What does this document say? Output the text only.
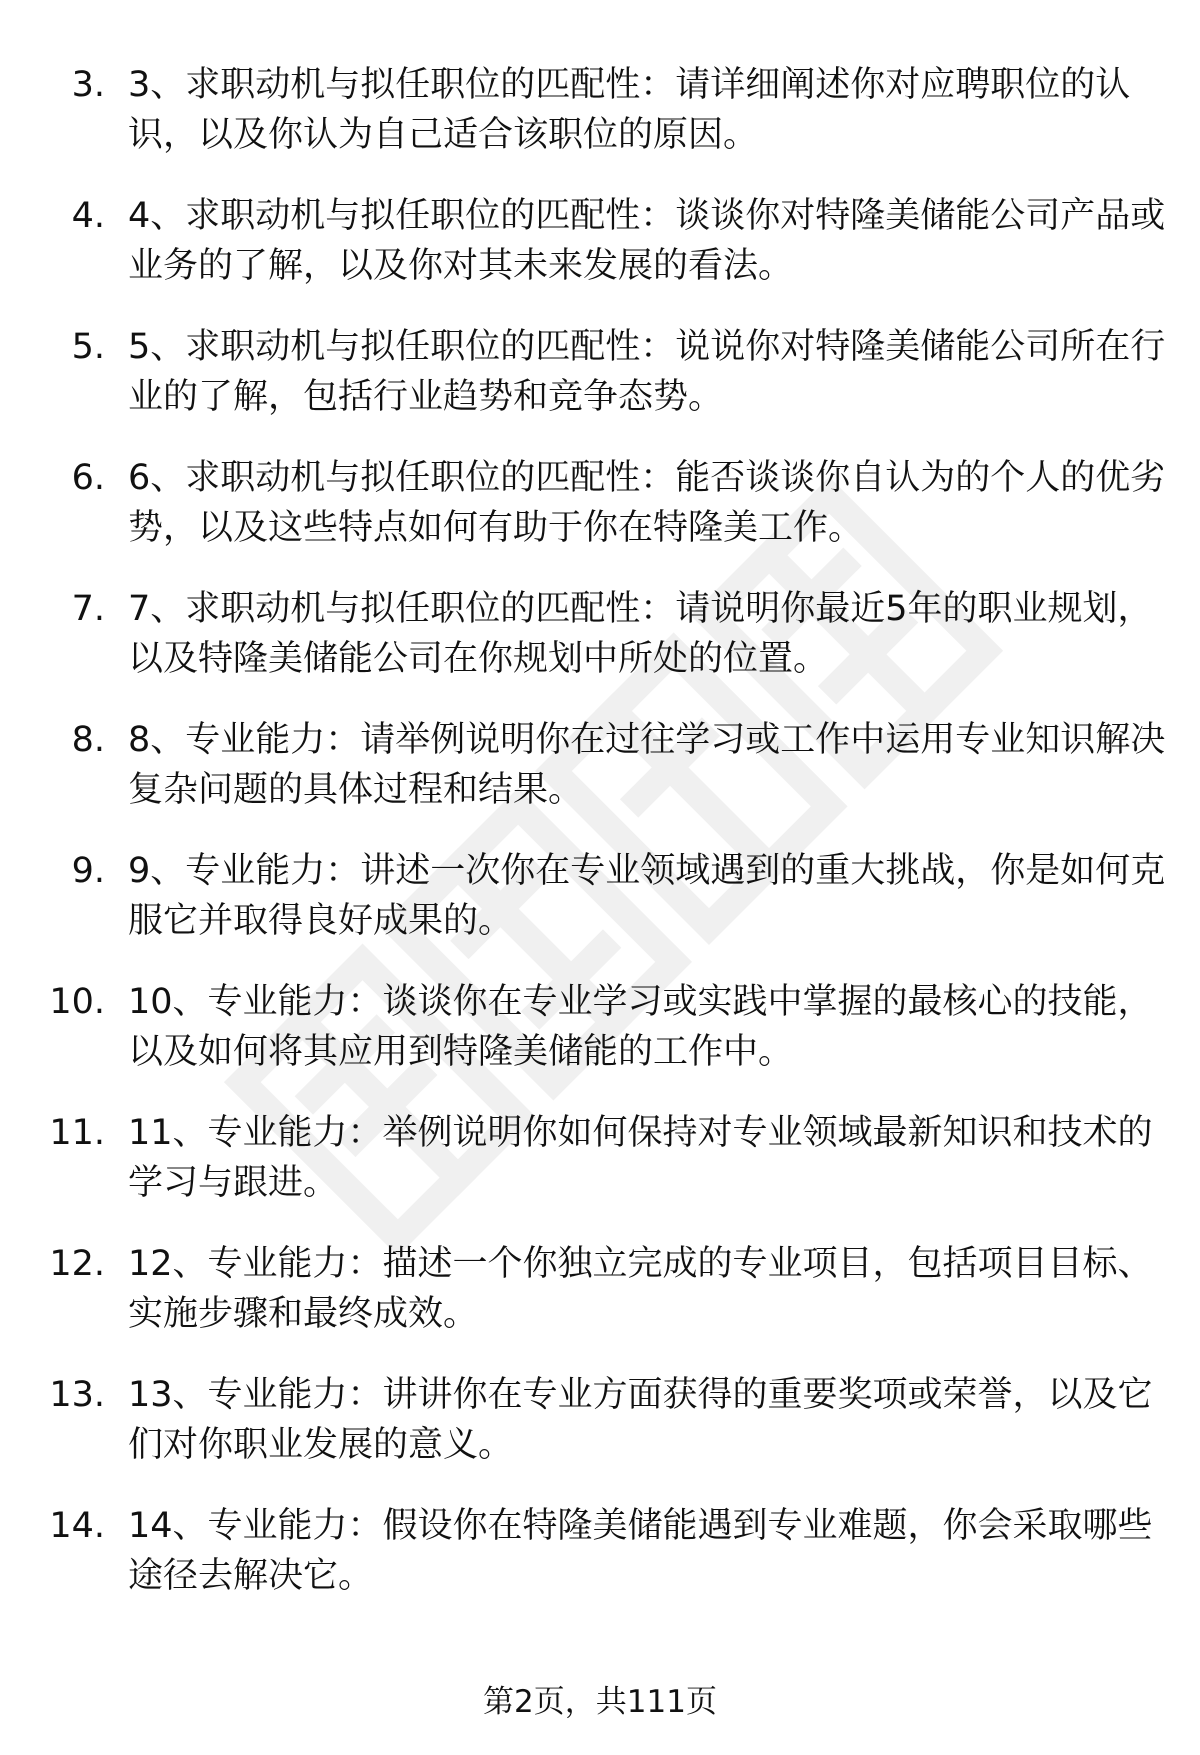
3. 3、求职动机与拟任职位的匹配性：请详细阐述你对应聘职位的认识，以及你认为自己适合该职位的原因。
4. 4、求职动机与拟任职位的匹配性：谈谈你对特隆美储能公司产品或业务的了解，以及你对其未来发展的看法。
5. 5、求职动机与拟任职位的匹配性：说说你对特隆美储能公司所在行业的了解，包括行业趋势和竞争态势。
6. 6、求职动机与拟任职位的匹配性：能否谈谈你自认为的个人的优劣势，以及这些特点如何有助于你在特隆美工作。
7. 7、求职动机与拟任职位的匹配性：请说明你最近5年的职业规划，以及特隆美储能公司在你规划中所处的位置。
8. 8、专业能力：请举例说明你在过往学习或工作中运用专业知识解决复杂问题的具体过程和结果。
9. 9、专业能力：讲述一次你在专业领域遇到的重大挑战，你是如何克服它并取得良好成果的。
10. 10、专业能力：谈谈你在专业学习或实践中掌握的最核心的技能，以及如何将其应用到特隆美储能的工作中。
11. 11、专业能力：举例说明你如何保持对专业领域最新知识和技术的学习与跟进。
12. 12、专业能力：描述一个你独立完成的专业项目，包括项目目标、实施步骤和最终成效。
13. 13、专业能力：讲讲你在专业方面获得的重要奖项或荣誉，以及它们对你职业发展的意义。
14. 14、专业能力：假设你在特隆美储能遇到专业难题，你会采取哪些途径去解决它。
第2页，共111页
